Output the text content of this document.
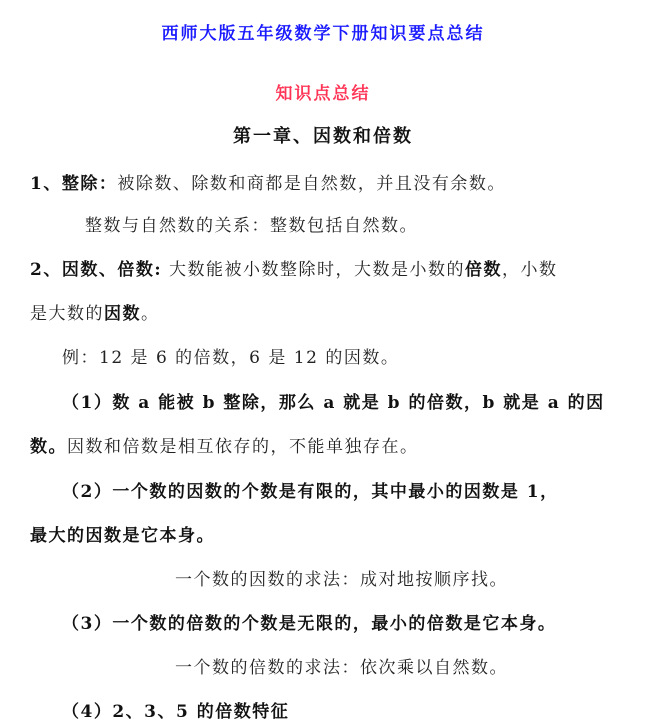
西师大版五年级数学下册知识要点总结
知识点总结
第一章、因数和倍数
1、整除：被除数、除数和商都是自然数，并且没有余数。
整数与自然数的关系：整数包括自然数。
2、因数、倍数: 大数能被小数整除时，大数是小数的倍数，小数
是大数的因数。
例：12 是 6 的倍数，6 是 12 的因数。
（1）数 a 能被 b 整除，那么 a 就是 b 的倍数，b 就是 a 的因
数。因数和倍数是相互依存的，不能单独存在。
（2）一个数的因数的个数是有限的，其中最小的因数是 1，
最大的因数是它本身。
一个数的因数的求法：成对地按顺序找。
（3）一个数的倍数的个数是无限的，最小的倍数是它本身。
一个数的倍数的求法：依次乘以自然数。
（4）2、3、5 的倍数特征
